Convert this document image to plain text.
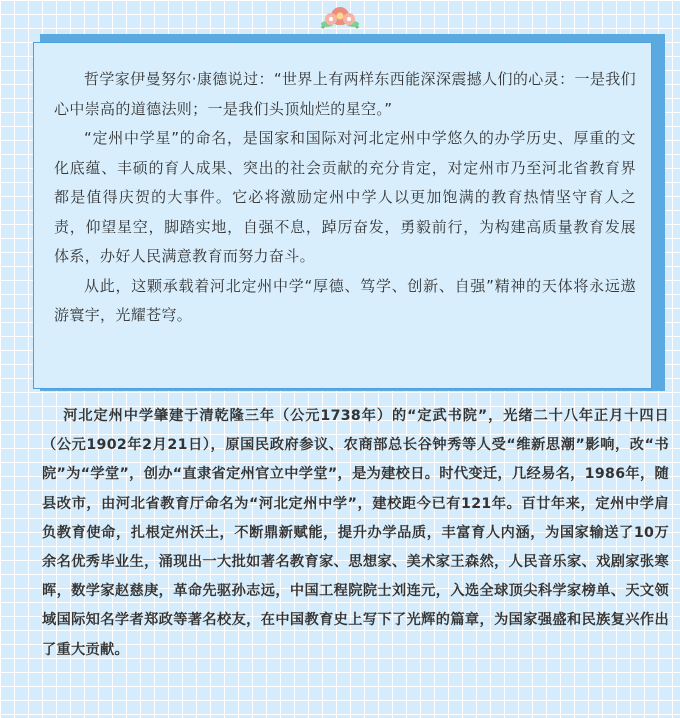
哲学家伊曼努尔·康德说过：“世界上有两样东西能深深震撼人们的心灵：一是我们心中崇高的道德法则；一是我们头顶灿烂的星空。”

“定州中学星”的命名，是国家和国际对河北定州中学悠久的办学历史、厚重的文化底蕴、丰硕的育人成果、突出的社会贡献的充分肯定，对定州市乃至河北省教育界都是值得庆贺的大事件。它必将激励定州中学人以更加饱满的教育热情坚守育人之责，仰望星空，脚踏实地，自强不息，踔厉奋发，勇毅前行，为构建高质量教育发展体系，办好人民满意教育而努力奋斗。

从此，这颗承载着河北定州中学“厚德、笃学、创新、自强”精神的天体将永远遨游寰宇，光耀苍穹。

河北定州中学肇建于清乾隆三年（公元1738年）的“定武书院”，光绪二十八年正月十四日（公元1902年2月21日），原国民政府参议、农商部总长谷钟秀等人受“维新思潮”影响，改“书院”为“学堂”，创办“直隶省定州官立中学堂”，是为建校日。时代变迁，几经易名，1986年，随县改市，由河北省教育厅命名为“河北定州中学”，建校距今已有121年。百廿年来，定州中学肩负教育使命，扎根定州沃土，不断鼎新赋能，提升办学品质，丰富育人内涵，为国家输送了10万余名优秀毕业生，涌现出一大批如著名教育家、思想家、美术家王森然，人民音乐家、戏剧家张寒晖，数学家赵慈庚，革命先驱孙志远，中国工程院院士刘连元，入选全球顶尖科学家榜单、天文领域国际知名学者郑政等著名校友，在中国教育史上写下了光辉的篇章，为国家强盛和民族复兴作出了重大贡献。
